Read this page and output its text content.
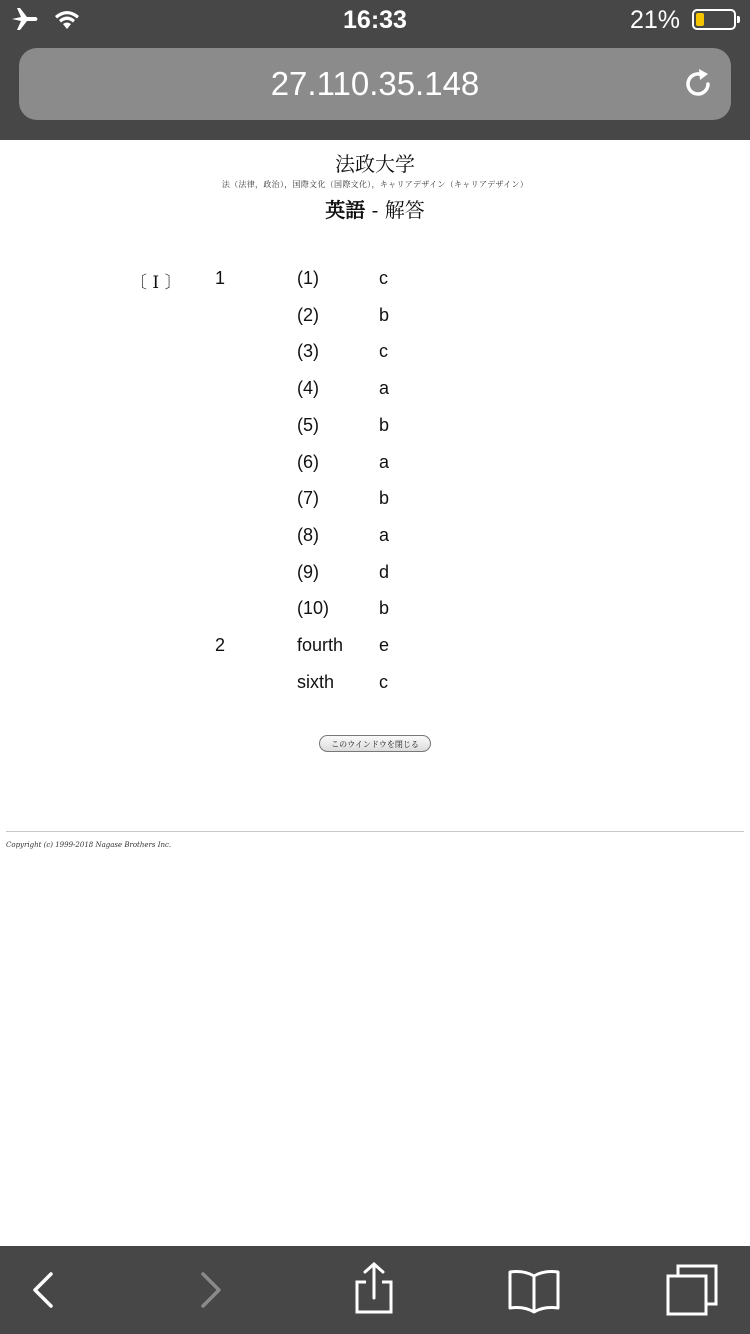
16:33	21%
27.110.35.148
法政大学
法（法律，政治），国際文化（国際文化），キャリアデザイン（キャリアデザイン）
英語 - 解答
〔 I 〕 1	(1)	c
(2)	b
(3)	c
(4)	a
(5)	b
(6)	a
(7)	b
(8)	a
(9)	d
(10)	b
2	fourth e
sixth c
このウインドウを閉じる
Copyright (c) 1999-2018 Nagase Brothers Inc.
